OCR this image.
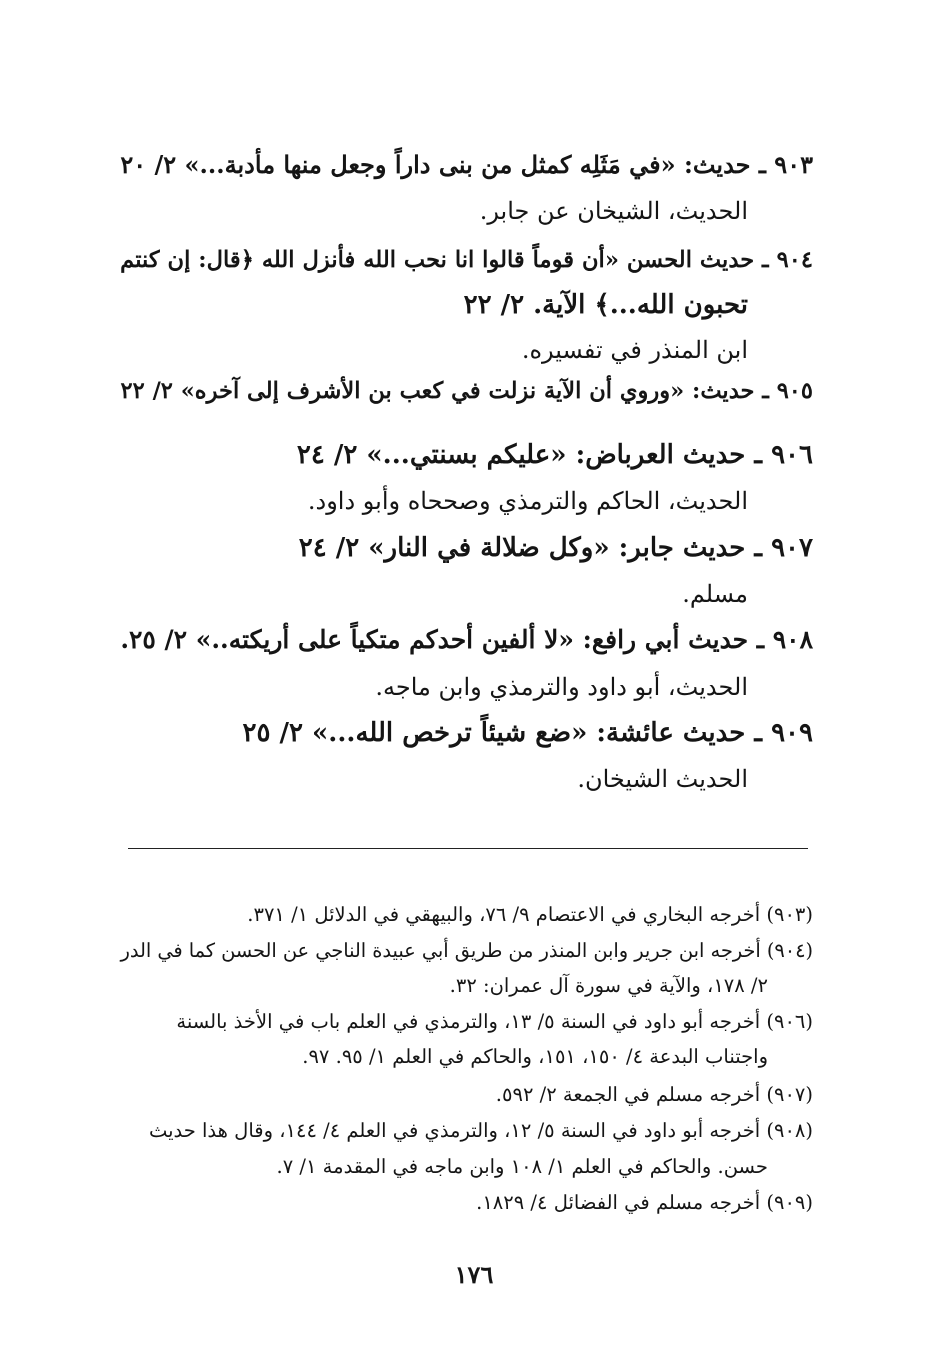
٩٠٣ ـ حديث: «في مَثَلِه كمثل من بنى داراً وجعل منها مأدبة...» ٢/ ٢٠
الحديث، الشيخان عن جابر.
٩٠٤ ـ حديث الحسن «أن قوماً قالوا انا نحب الله فأنزل الله ﴿قال: إن كنتم
تحبون الله...﴾ الآية. ٢/ ٢٢
ابن المنذر في تفسيره.
٩٠٥ ـ حديث: «وروي أن الآية نزلت في كعب بن الأشرف إلى آخره» ٢/ ٢٢
٩٠٦ ـ حديث العرباض: «عليكم بسنتي...» ٢/ ٢٤
الحديث، الحاكم والترمذي وصححاه وأبو داود.
٩٠٧ ـ حديث جابر: «وكل ضلالة في النار» ٢/ ٢٤
مسلم.
٩٠٨ ـ حديث أبي رافع: «لا ألفين أحدكم متكياً على أريكته..» ٢/ ٢٥.
الحديث، أبو داود والترمذي وابن ماجه.
٩٠٩ ـ حديث عائشة: «ضع شيئاً ترخص الله...» ٢/ ٢٥
الحديث الشيخان.
(٩٠٣) أخرجه البخاري في الاعتصام ٩/ ٧٦، والبيهقي في الدلائل ١/ ٣٧١.
(٩٠٤) أخرجه ابن جرير وابن المنذر من طريق أبي عبيدة الناجي عن الحسن كما في الدر
٢/ ١٧٨، والآية في سورة آل عمران: ٣٢.
(٩٠٦) أخرجه أبو داود في السنة ٥/ ١٣، والترمذي في العلم باب في الأخذ بالسنة
واجتناب البدعة ٤/ ١٥٠، ١٥١، والحاكم في العلم ١/ ٩٥. ٩٧.
(٩٠٧) أخرجه مسلم في الجمعة ٢/ ٥٩٢.
(٩٠٨) أخرجه أبو داود في السنة ٥/ ١٢، والترمذي في العلم ٤/ ١٤٤، وقال هذا حديث
حسن. والحاكم في العلم ١/ ١٠٨ وابن ماجه في المقدمة ١/ ٧.
(٩٠٩) أخرجه مسلم في الفضائل ٤/ ١٨٢٩.
١٧٦
